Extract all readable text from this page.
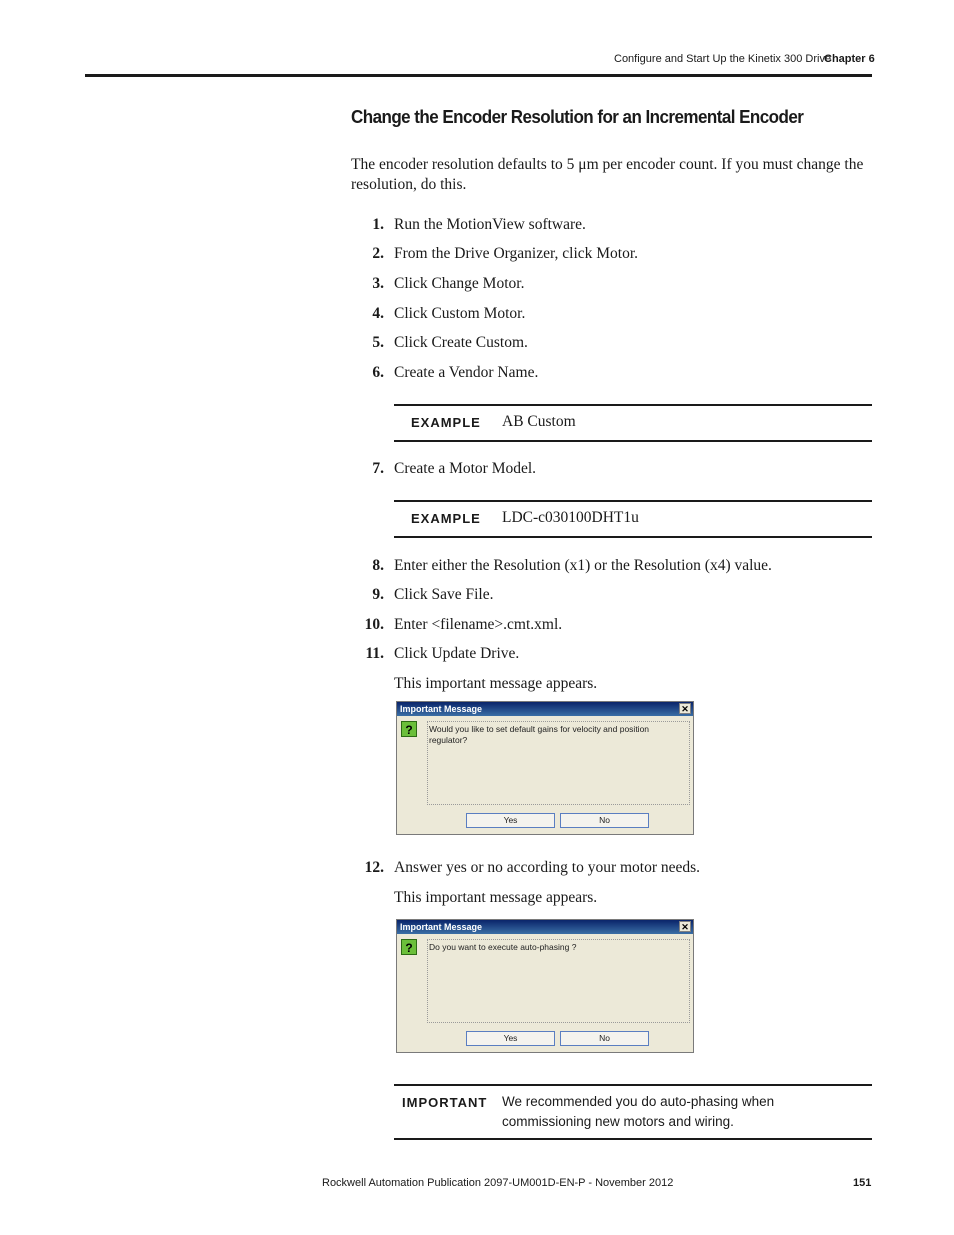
Configure and Start Up the Kinetix 300 Drive
Chapter 6
Change the Encoder Resolution for an Incremental Encoder
The encoder resolution defaults to 5 μm per encoder count. If you must change the resolution, do this.
1. Run the MotionView software.
2. From the Drive Organizer, click Motor.
3. Click Change Motor.
4. Click Custom Motor.
5. Click Create Custom.
6. Create a Vendor Name.
EXAMPLE AB Custom
7. Create a Motor Model.
EXAMPLE LDC-c030100DHT1u
8. Enter either the Resolution (x1) or the Resolution (x4) value.
9. Click Save File.
10. Enter <filename>.cmt.xml.
11. Click Update Drive.
This important message appears.
Important Message	✕
?	Would you like to set default gains for velocity and position regulator?
Yes	No
12. Answer yes or no according to your motor needs.
This important message appears.
Important Message	✕
?	Do you want to execute auto-phasing ?
Yes	No
IMPORTANT We recommended you do auto-phasing when commissioning new motors and wiring.
Rockwell Automation Publication 2097-UM001D-EN-P - November 2012	151
